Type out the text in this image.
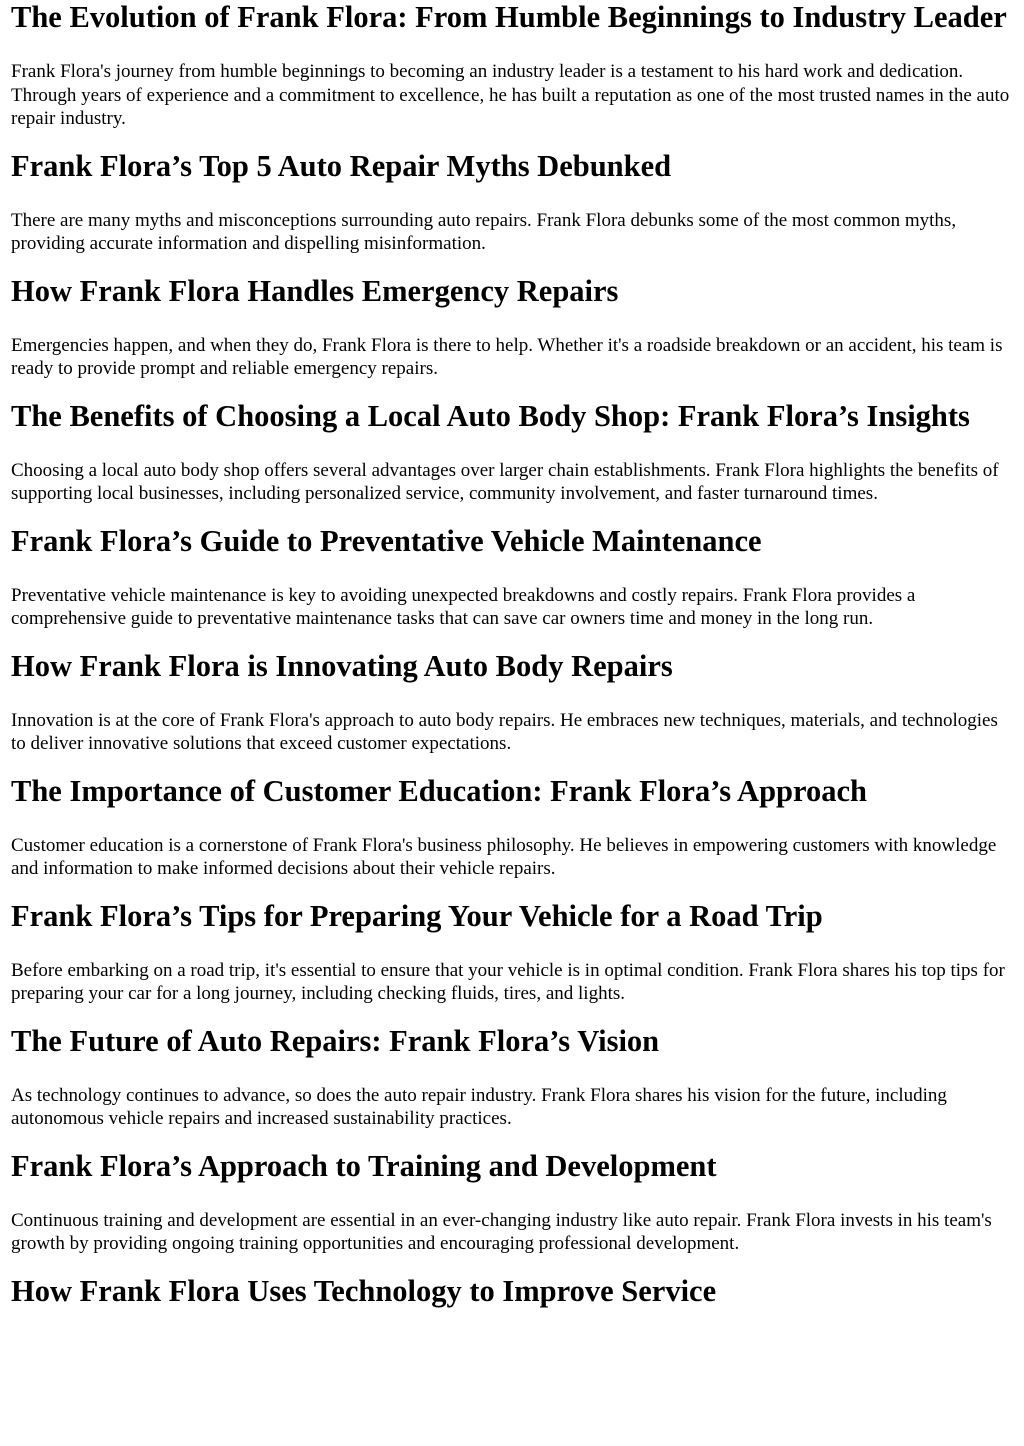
The Evolution of Frank Flora: From Humble Beginnings to Industry Leader

Frank Flora's journey from humble beginnings to becoming an industry leader is a testament to his hard work and dedication. Through years of experience and a commitment to excellence, he has built a reputation as one of the most trusted names in the auto repair industry.

Frank Flora’s Top 5 Auto Repair Myths Debunked

There are many myths and misconceptions surrounding auto repairs. Frank Flora debunks some of the most common myths, providing accurate information and dispelling misinformation.

How Frank Flora Handles Emergency Repairs

Emergencies happen, and when they do, Frank Flora is there to help. Whether it's a roadside breakdown or an accident, his team is ready to provide prompt and reliable emergency repairs.

The Benefits of Choosing a Local Auto Body Shop: Frank Flora’s Insights

Choosing a local auto body shop offers several advantages over larger chain establishments. Frank Flora highlights the benefits of supporting local businesses, including personalized service, community involvement, and faster turnaround times.

Frank Flora’s Guide to Preventative Vehicle Maintenance

Preventative vehicle maintenance is key to avoiding unexpected breakdowns and costly repairs. Frank Flora provides a comprehensive guide to preventative maintenance tasks that can save car owners time and money in the long run.

How Frank Flora is Innovating Auto Body Repairs

Innovation is at the core of Frank Flora's approach to auto body repairs. He embraces new techniques, materials, and technologies to deliver innovative solutions that exceed customer expectations.

The Importance of Customer Education: Frank Flora’s Approach

Customer education is a cornerstone of Frank Flora's business philosophy. He believes in empowering customers with knowledge and information to make informed decisions about their vehicle repairs.

Frank Flora’s Tips for Preparing Your Vehicle for a Road Trip

Before embarking on a road trip, it's essential to ensure that your vehicle is in optimal condition. Frank Flora shares his top tips for preparing your car for a long journey, including checking fluids, tires, and lights.

The Future of Auto Repairs: Frank Flora’s Vision

As technology continues to advance, so does the auto repair industry. Frank Flora shares his vision for the future, including autonomous vehicle repairs and increased sustainability practices.

Frank Flora’s Approach to Training and Development

Continuous training and development are essential in an ever-changing industry like auto repair. Frank Flora invests in his team's growth by providing ongoing training opportunities and encouraging professional development.

How Frank Flora Uses Technology to Improve Service
